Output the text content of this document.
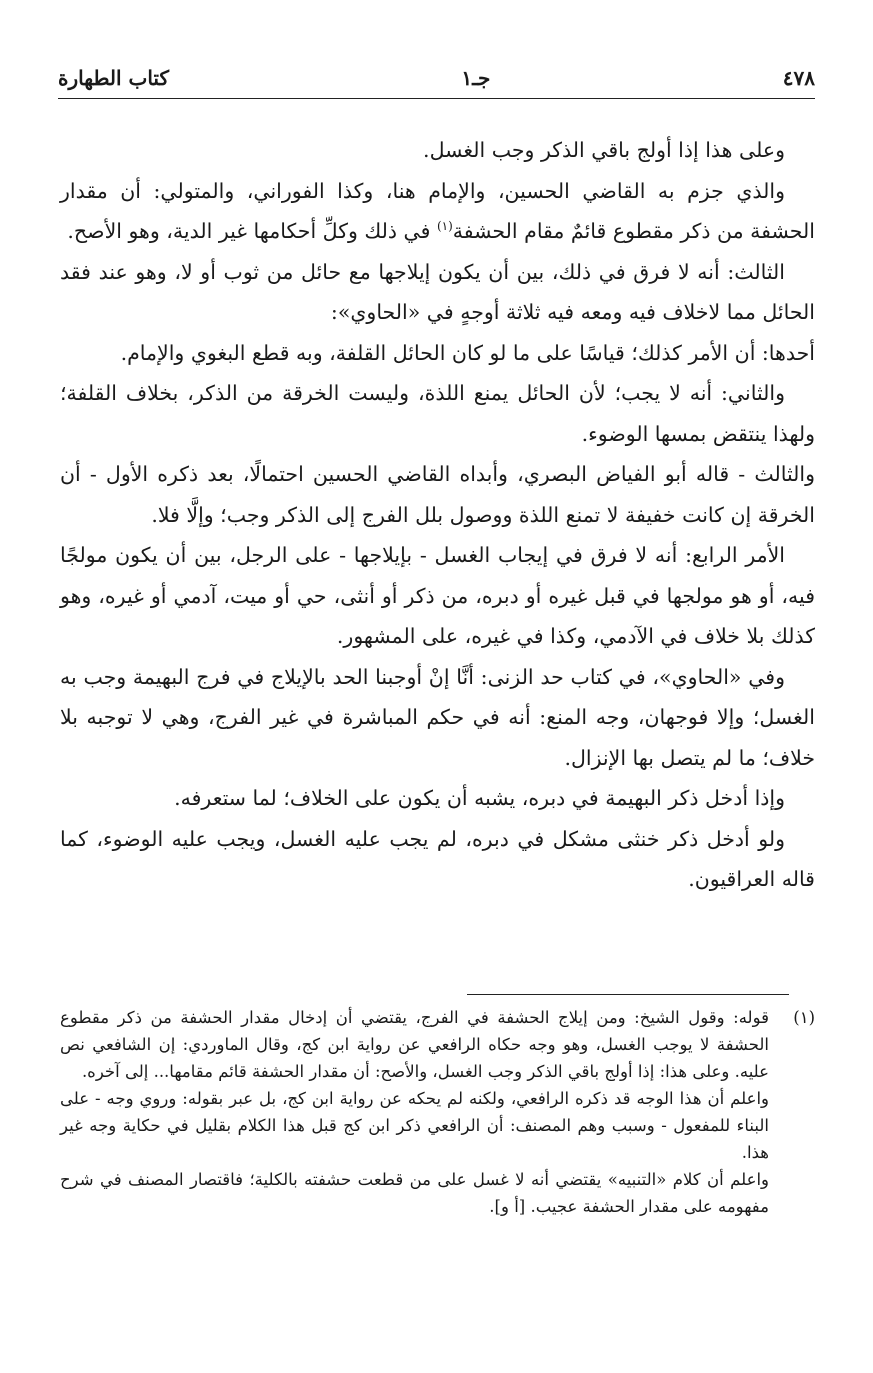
٤٧٨
جـ١
كتاب الطهارة

وعلى هذا إذا أولج باقي الذكر وجب الغسل.

والذي جزم به القاضي الحسين، والإمام هنا، وكذا الفوراني، والمتولي: أن مقدار الحشفة من ذكر مقطوع قائمٌ مقام الحشفة$^{(١)}$ في ذلك وكلِّ أحكامها غير الدية، وهو الأصح.

الثالث: أنه لا فرق في ذلك، بين أن يكون إيلاجها مع حائل من ثوب أو لا، وهو عند فقد الحائل مما لاخلاف فيه ومعه فيه ثلاثة أوجهٍ في «الحاوي»:

أحدها: أن الأمر كذلك؛ قياسًا على ما لو كان الحائل القلفة، وبه قطع البغوي والإمام.

والثاني: أنه لا يجب؛ لأن الحائل يمنع اللذة، وليست الخرقة من الذكر، بخلاف القلفة؛ ولهذا ينتقض بمسها الوضوء.

والثالث - قاله أبو الفياض البصري، وأبداه القاضي الحسين احتمالًا، بعد ذكره الأول - أن الخرقة إن كانت خفيفة لا تمنع اللذة ووصول بلل الفرج إلى الذكر وجب؛ وإلَّا فلا.

الأمر الرابع: أنه لا فرق في إيجاب الغسل - بإيلاجها - على الرجل، بين أن يكون مولجًا فيه، أو هو مولجها في قبل غيره أو دبره، من ذكر أو أنثى، حي أو ميت، آدمي أو غيره، وهو كذلك بلا خلاف في الآدمي، وكذا في غيره، على المشهور.

وفي «الحاوي»، في كتاب حد الزنى: أنَّا إنْ أوجبنا الحد بالإيلاج في فرج البهيمة وجب به الغسل؛ وإلا فوجهان، وجه المنع: أنه في حكم المباشرة في غير الفرج، وهي لا توجبه بلا خلاف؛ ما لم يتصل بها الإنزال.

وإذا أدخل ذكر البهيمة في دبره، يشبه أن يكون على الخلاف؛ لما ستعرفه.

ولو أدخل ذكر خنثى مشكل في دبره، لم يجب عليه الغسل، ويجب عليه الوضوء، كما قاله العراقيون.

(١)
قوله: وقول الشيخ: ومن إيلاج الحشفة في الفرج، يقتضي أن إدخال مقدار الحشفة من ذكر مقطوع الحشفة لا يوجب الغسل، وهو وجه حكاه الرافعي عن رواية ابن كج، وقال الماوردي: إن الشافعي نص عليه. وعلى هذا: إذا أولج باقي الذكر وجب الغسل، والأصح: أن مقدار الحشفة قائم مقامها... إلى آخره.

واعلم أن هذا الوجه قد ذكره الرافعي، ولكنه لم يحكه عن رواية ابن كج، بل عبر بقوله: وروي وجه - على البناء للمفعول - وسبب وهم المصنف: أن الرافعي ذكر ابن كج قبل هذا الكلام بقليل في حكاية وجه غير هذا.

واعلم أن كلام «التنبيه» يقتضي أنه لا غسل على من قطعت حشفته بالكلية؛ فاقتصار المصنف في شرح مفهومه على مقدار الحشفة عجيب. [أ و].
